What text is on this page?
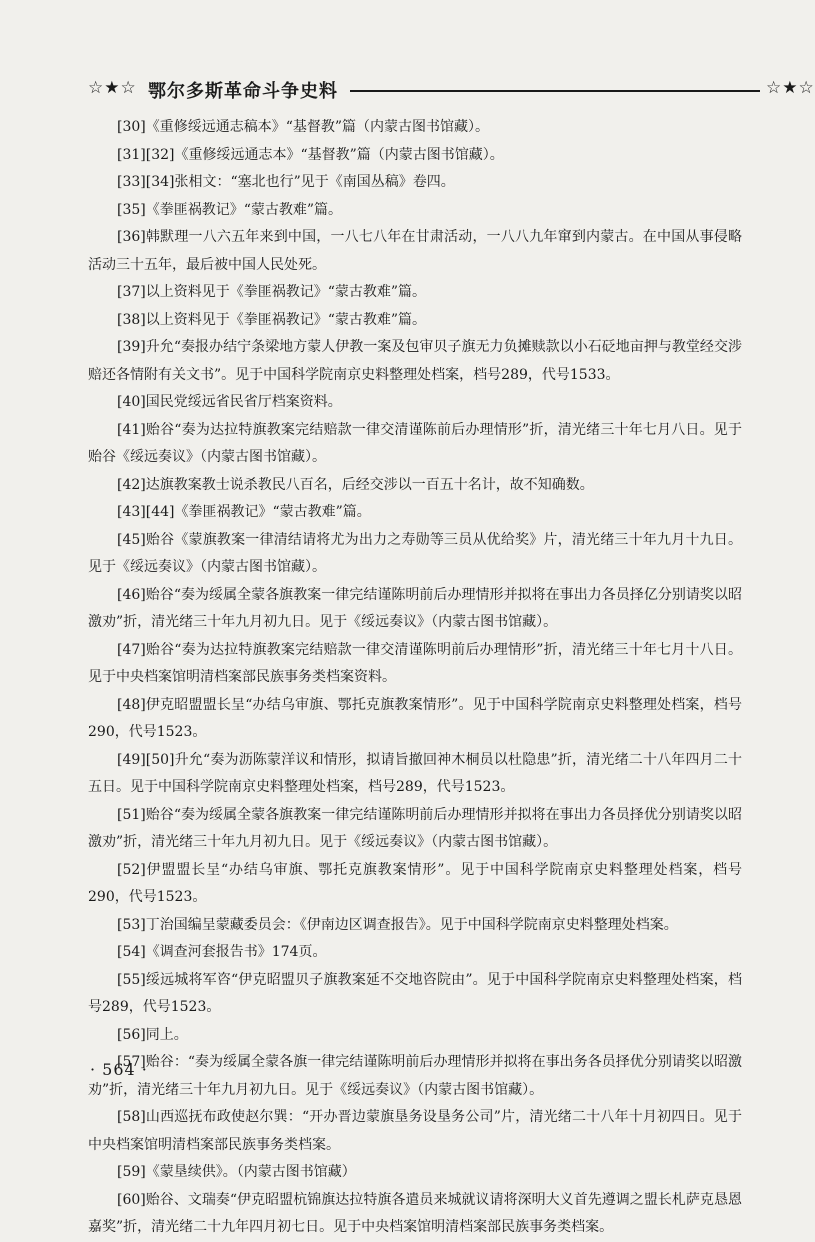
☆★☆ 鄂尔多斯革命斗争史料	☆★☆

[30]《重修绥远通志稿本》“基督教”篇（内蒙古图书馆藏）。

[31][32]《重修绥远通志本》“基督教”篇（内蒙古图书馆藏）。

[33][34]张相文：“塞北也行”见于《南国丛稿》卷四。

[35]《拳匪祸教记》“蒙古教难”篇。

[36]韩默理一八六五年来到中国，一八七八年在甘肃活动，一八八九年窜到内蒙古。在中国从事侵略活动三十五年，最后被中国人民处死。

[37]以上资料见于《拳匪祸教记》“蒙古教难”篇。

[38]以上资料见于《拳匪祸教记》“蒙古教难”篇。

[39]升允“奏报办结宁条梁地方蒙人伊教一案及包审贝子旗无力负摊赎款以小石砭地亩押与教堂经交涉赔还各情附有关文书”。见于中国科学院南京史料整理处档案，档号289，代号1533。

[40]国民党绥远省民省厅档案资料。

[41]贻谷“奏为达拉特旗教案完结赔款一律交清谨陈前后办理情形”折，清光绪三十年七月八日。见于贻谷《绥远奏议》（内蒙古图书馆藏）。

[42]达旗教案教士说杀教民八百名，后经交涉以一百五十名计，故不知确数。

[43][44]《拳匪祸教记》“蒙古教难”篇。

[45]贻谷《蒙旗教案一律清结请将尤为出力之寿勋等三员从优给奖》片，清光绪三十年九月十九日。见于《绥远奏议》（内蒙古图书馆藏）。

[46]贻谷“奏为绥属全蒙各旗教案一律完结谨陈明前后办理情形并拟将在事出力各员择亿分别请奖以昭激劝”折，清光绪三十年九月初九日。见于《绥远奏议》（内蒙古图书馆藏）。

[47]贻谷“奏为达拉特旗教案完结赔款一律交清谨陈明前后办理情形”折，清光绪三十年七月十八日。见于中央档案馆明清档案部民族事务类档案资料。

[48]伊克昭盟盟长呈“办结乌审旗、鄂托克旗教案情形”。见于中国科学院南京史料整理处档案，档号290，代号1523。

[49][50]升允“奏为沥陈蒙洋议和情形，拟请旨撤回神木桐员以杜隐患”折，清光绪二十八年四月二十五日。见于中国科学院南京史料整理处档案，档号289，代号1523。

[51]贻谷“奏为绥属全蒙各旗教案一律完结谨陈明前后办理情形并拟将在事出力各员择优分别请奖以昭激劝”折，清光绪三十年九月初九日。见于《绥远奏议》（内蒙古图书馆藏）。

[52]伊盟盟长呈“办结乌审旗、鄂托克旗教案情形”。见于中国科学院南京史料整理处档案，档号290，代号1523。

[53]丁治国编呈蒙藏委员会：《伊南边区调查报告》。见于中国科学院南京史料整理处档案。

[54]《调查河套报告书》174页。

[55]绥远城将军咨“伊克昭盟贝子旗教案延不交地咨院由”。见于中国科学院南京史料整理处档案，档号289，代号1523。

[56]同上。

[57]贻谷：“奏为绥属全蒙各旗一律完结谨陈明前后办理情形并拟将在事出务各员择优分别请奖以昭激劝”折，清光绪三十年九月初九日。见于《绥远奏议》（内蒙古图书馆藏）。

[58]山西巡抚布政使赵尔巽：“开办晋边蒙旗垦务设垦务公司”片，清光绪二十八年十月初四日。见于中央档案馆明清档案部民族事务类档案。

[59]《蒙垦续供》。（内蒙古图书馆藏）

[60]贻谷、文瑞奏“伊克昭盟杭锦旗达拉特旗各遣员来城就议请将深明大义首先遵调之盟长札萨克恳恩嘉奖”折，清光绪二十九年四月初七日。见于中央档案馆明清档案部民族事务类档案。

· 564 ·
